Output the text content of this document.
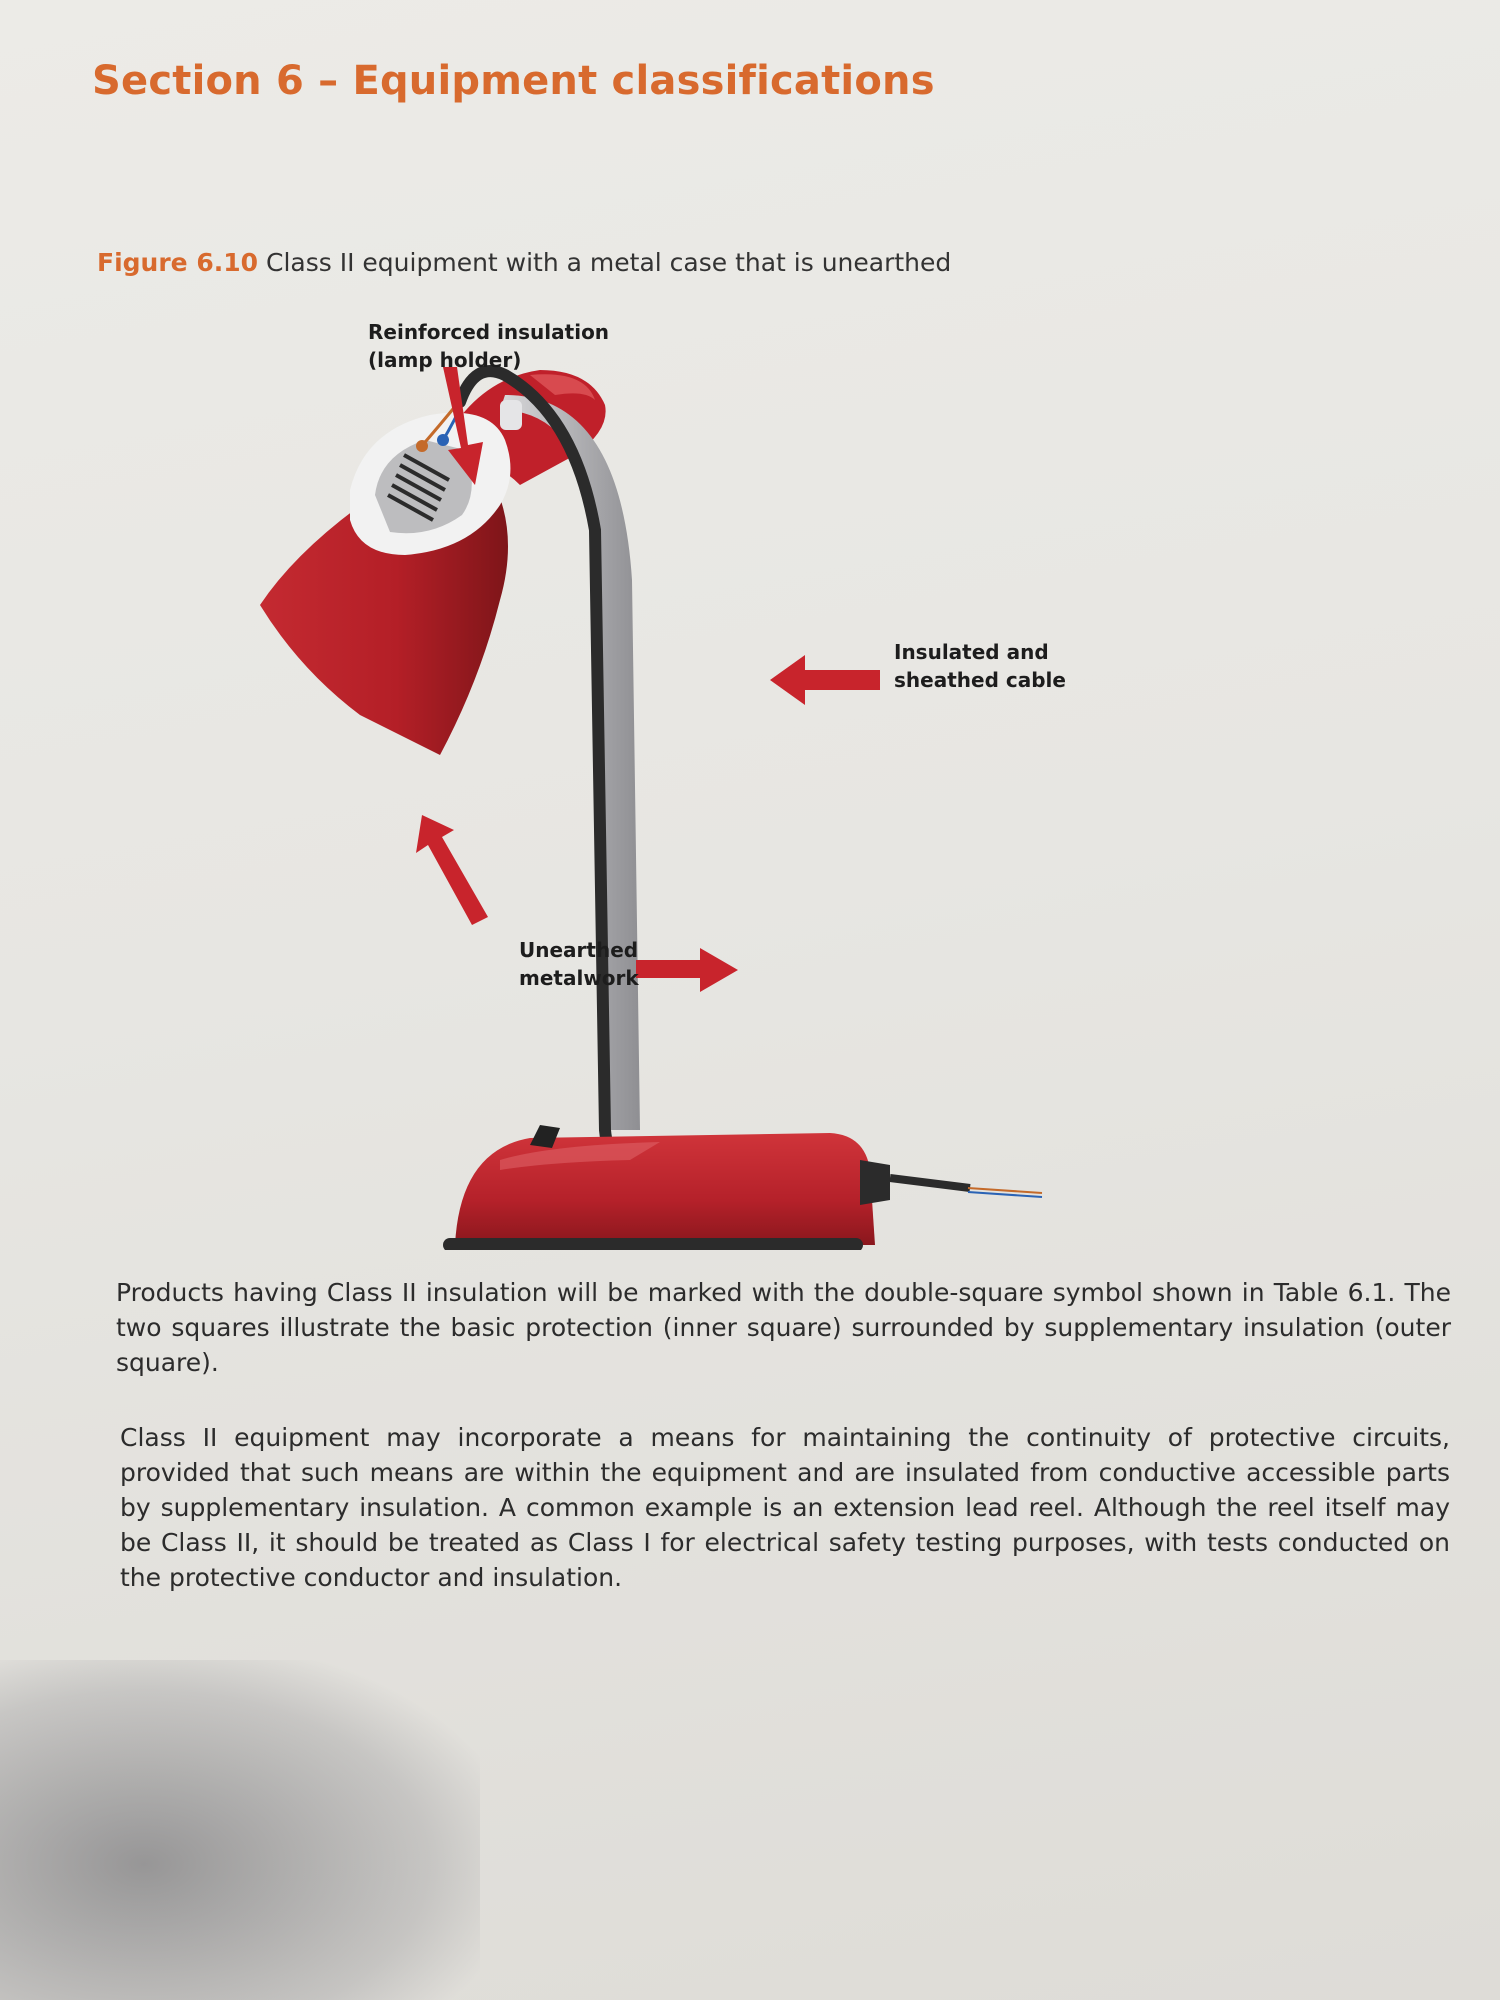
Section 6 – Equipment classifications
Figure 6.10 Class II equipment with a metal case that is unearthed
Reinforced insulation
(lamp holder)
Insulated and
sheathed cable
Unearthed
metalwork

Products having Class II insulation will be marked with the double-square symbol shown in Table 6.1. The two squares illustrate the basic protection (inner square) surrounded by supplementary insulation (outer square).

Class II equipment may incorporate a means for maintaining the continuity of protective circuits, provided that such means are within the equipment and are insulated from conductive accessible parts by supplementary insulation. A common example is an extension lead reel. Although the reel itself may be Class II, it should be treated as Class I for electrical safety testing purposes, with tests conducted on the protective conductor and insulation.
